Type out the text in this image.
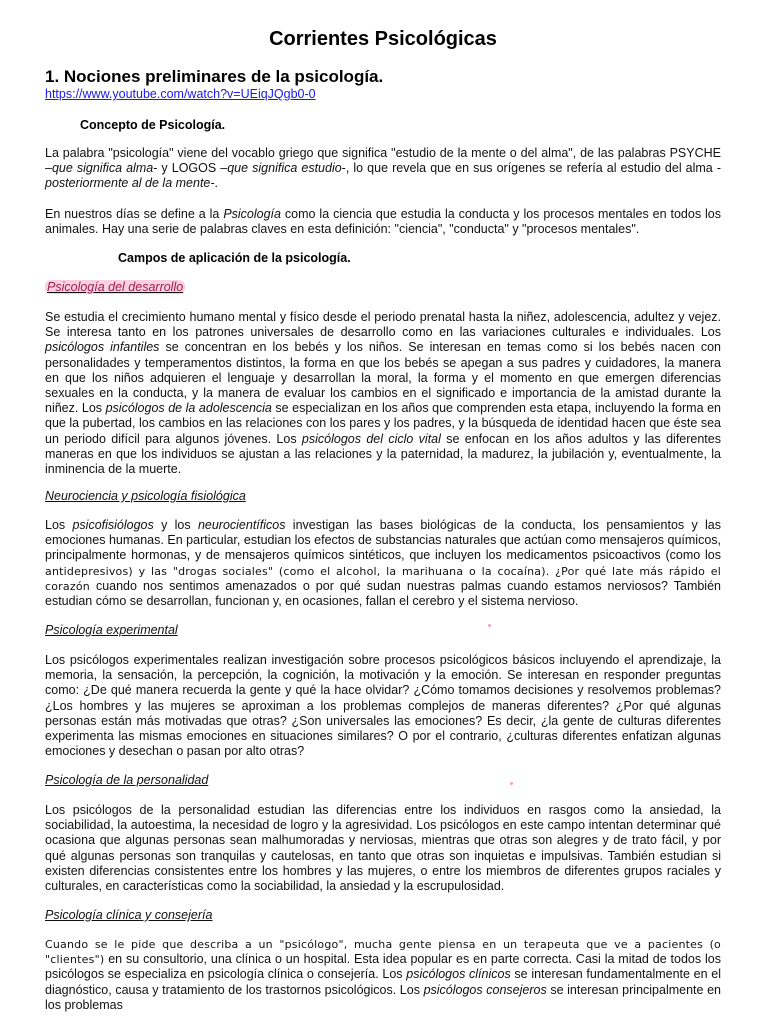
Corrientes Psicológicas
1. Nociones preliminares de la psicología.
https://www.youtube.com/watch?v=UEiqJQgb0-0
Concepto de Psicología.

La palabra "psicología" viene del vocablo griego que significa "estudio de la mente o del alma", de las palabras PSYCHE –que significa alma- y LOGOS –que significa estudio-, lo que revela que en sus orígenes se refería al estudio del alma - posteriormente al de la mente-.

En nuestros días se define a la Psicología como la ciencia que estudia la conducta y los procesos mentales en todos los animales. Hay una serie de palabras claves en esta definición: "ciencia", "conducta" y "procesos mentales".

Campos de aplicación de la psicología.
Psicología del desarrollo

Se estudia el crecimiento humano mental y físico desde el periodo prenatal hasta la niñez, adolescencia, adultez y vejez. Se interesa tanto en los patrones universales de desarrollo como en las variaciones culturales e individuales. Los psicólogos infantiles se concentran en los bebés y los niños. Se interesan en temas como si los bebés nacen con personalidades y temperamentos distintos, la forma en que los bebés se apegan a sus padres y cuidadores, la manera en que los niños adquieren el lenguaje y desarrollan la moral, la forma y el momento en que emergen diferencias sexuales en la conducta, y la manera de evaluar los cambios en el significado e importancia de la amistad durante la niñez. Los psicólogos de la adolescencia se especializan en los años que comprenden esta etapa, incluyendo la forma en que la pubertad, los cambios en las relaciones con los pares y los padres, y la búsqueda de identidad hacen que éste sea un periodo difícil para algunos jóvenes. Los psicólogos del ciclo vital se enfocan en los años adultos y las diferentes maneras en que los individuos se ajustan a las relaciones y la paternidad, la madurez, la jubilación y, eventualmente, la inminencia de la muerte.

Neurociencia y psicología fisiológica

Los psicofisiólogos y los neurocientíficos investigan las bases biológicas de la conducta, los pensamientos y las emociones humanas. En particular, estudian los efectos de substancias naturales que actúan como mensajeros químicos, principalmente hormonas, y de mensajeros químicos sintéticos, que incluyen los medicamentos psicoactivos (como los antidepresivos) y las "drogas sociales" (como el alcohol, la marihuana o la cocaína). ¿Por qué late más rápido el corazón cuando nos sentimos amenazados o por qué sudan nuestras palmas cuando estamos nerviosos? También estudian cómo se desarrollan, funcionan y, en ocasiones, fallan el cerebro y el sistema nervioso.

Psicología experimental

Los psicólogos experimentales realizan investigación sobre procesos psicológicos básicos incluyendo el aprendizaje, la memoria, la sensación, la percepción, la cognición, la motivación y la emoción. Se interesan en responder preguntas como: ¿De qué manera recuerda la gente y qué la hace olvidar? ¿Cómo tomamos decisiones y resolvemos problemas? ¿Los hombres y las mujeres se aproximan a los problemas complejos de maneras diferentes? ¿Por qué algunas personas están más motivadas que otras? ¿Son universales las emociones? Es decir, ¿la gente de culturas diferentes experimenta las mismas emociones en situaciones similares? O por el contrario, ¿culturas diferentes enfatizan algunas emociones y desechan o pasan por alto otras?

Psicología de la personalidad

Los psicólogos de la personalidad estudian las diferencias entre los individuos en rasgos como la ansiedad, la sociabilidad, la autoestima, la necesidad de logro y la agresividad. Los psicólogos en este campo intentan determinar qué ocasiona que algunas personas sean malhumoradas y nerviosas, mientras que otras son alegres y de trato fácil, y por qué algunas personas son tranquilas y cautelosas, en tanto que otras son inquietas e impulsivas. También estudian si existen diferencias consistentes entre los hombres y las mujeres, o entre los miembros de diferentes grupos raciales y culturales, en características como la sociabilidad, la ansiedad y la escrupulosidad.

Psicología clínica y consejería

Cuando se le pide que describa a un "psicólogo", mucha gente piensa en un terapeuta que ve a pacientes (o "clientes") en su consultorio, una clínica o un hospital. Esta idea popular es en parte correcta. Casi la mitad de todos los psicólogos se especializa en psicología clínica o consejería. Los psicólogos clínicos se interesan fundamentalmente en el diagnóstico, causa y tratamiento de los trastornos psicológicos. Los psicólogos consejeros se interesan principalmente en los problemas
